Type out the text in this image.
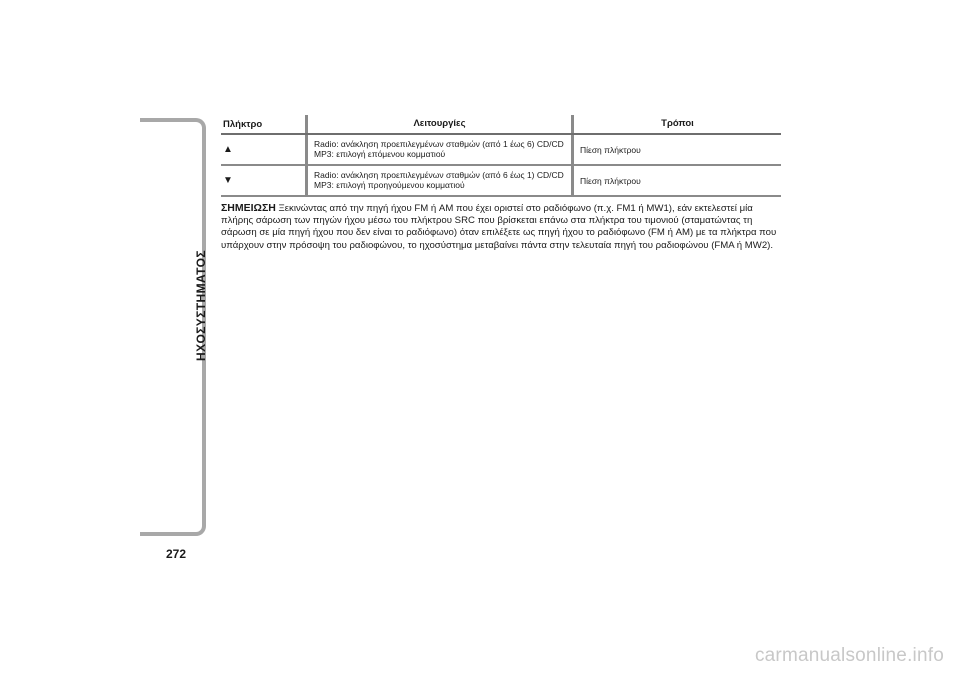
ΗΧΟΣΥΣΤΗΜΑΤΟΣ
272
Πλήκτρο	Λειτουργίες	Τρόποι
▲	Radio: ανάκληση προεπιλεγμένων σταθμών (από 1 έως 6) CD/CD MP3: επιλογή επόμενου κομματιού	Πίεση πλήκτρου
▼	Radio: ανάκληση προεπιλεγμένων σταθμών (από 6 έως 1) CD/CD MP3: επιλογή προηγούμενου κομματιού	Πίεση πλήκτρου
ΣΗΜΕΙΩΣΗ Ξεκινώντας από την πηγή ήχου FM ή AM που έχει οριστεί στο ραδιόφωνο (π.χ. FM1 ή MW1), εάν εκτελεστεί μία πλήρης σάρωση των πηγών ήχου μέσω του πλήκτρου SRC που βρίσκεται επάνω στα πλήκτρα του τιμονιού (σταματώντας τη σάρωση σε μία πηγή ήχου που δεν είναι το ραδιόφωνο) όταν επιλέξετε ως πηγή ήχου το ραδιόφωνο (FM ή AM) με τα πλήκτρα που υπάρχουν στην πρόσοψη του ραδιοφώνου, το ηχοσύστημα μεταβαίνει πάντα στην τελευταία πηγή του ραδιοφώνου (FMA ή MW2).
carmanualsonline.info
